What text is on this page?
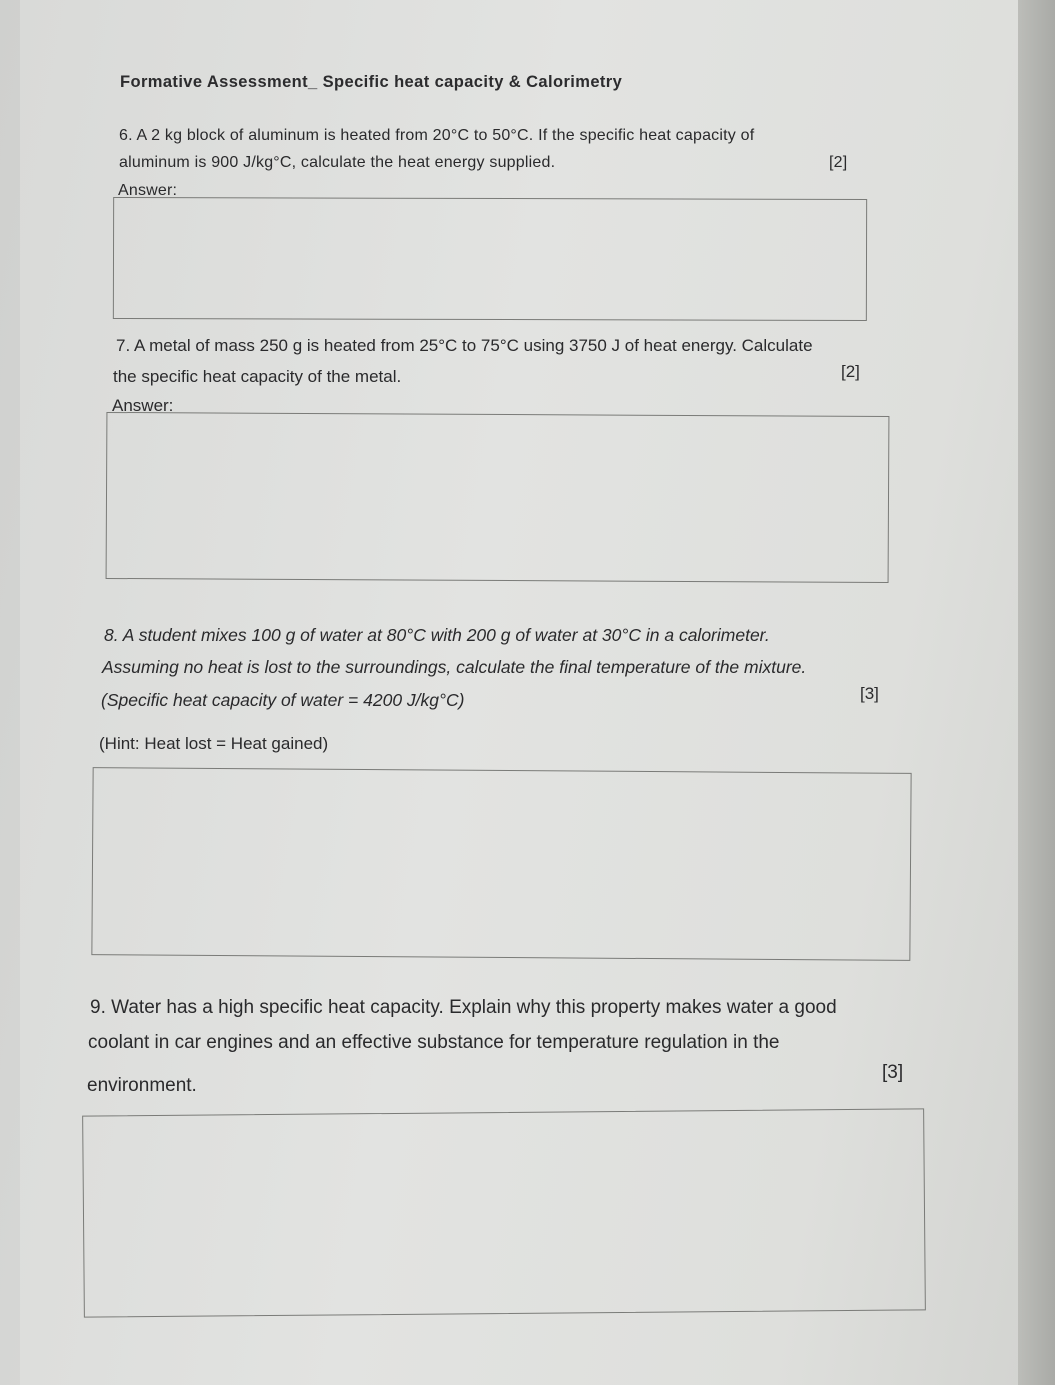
Formative Assessment_ Specific heat capacity & Calorimetry

6. A 2 kg block of aluminum is heated from 20°C to 50°C. If the specific heat capacity of

aluminum is 900 J/kg°C, calculate the heat energy supplied.	[2]

Answer:

7. A metal of mass 250 g is heated from 25°C to 75°C using 3750 J of heat energy. Calculate

the specific heat capacity of the metal.	[2]

Answer:

8. A student mixes 100 g of water at 80°C with 200 g of water at 30°C in a calorimeter.

Assuming no heat is lost to the surroundings, calculate the final temperature of the mixture.

(Specific heat capacity of water = 4200 J/kg°C)	[3]

(Hint: Heat lost = Heat gained)

9. Water has a high specific heat capacity. Explain why this property makes water a good

coolant in car engines and an effective substance for temperature regulation in the

environment.

[3]
